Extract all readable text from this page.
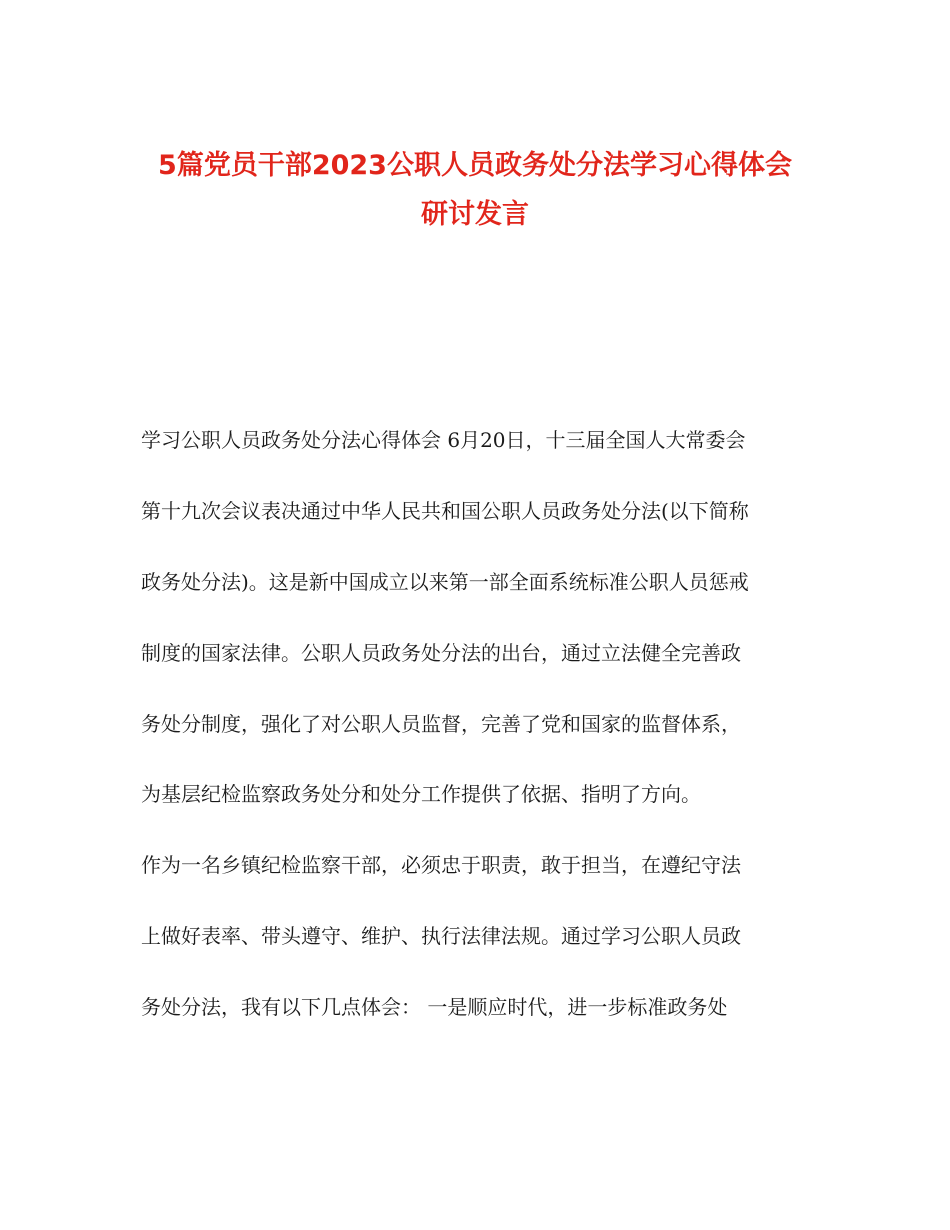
5篇党员干部2023公职人员政务处分法学习心得体会
研讨发言
学习公职人员政务处分法心得体会 6月20日，十三届全国人大常委会
第十九次会议表决通过中华人民共和国公职人员政务处分法(以下简称
政务处分法)。这是新中国成立以来第一部全面系统标准公职人员惩戒
制度的国家法律。公职人员政务处分法的出台，通过立法健全完善政
务处分制度，强化了对公职人员监督，完善了党和国家的监督体系，
为基层纪检监察政务处分和处分工作提供了依据、指明了方向。
作为一名乡镇纪检监察干部，必须忠于职责，敢于担当，在遵纪守法
上做好表率、带头遵守、维护、执行法律法规。通过学习公职人员政
务处分法，我有以下几点体会： 一是顺应时代，进一步标准政务处
